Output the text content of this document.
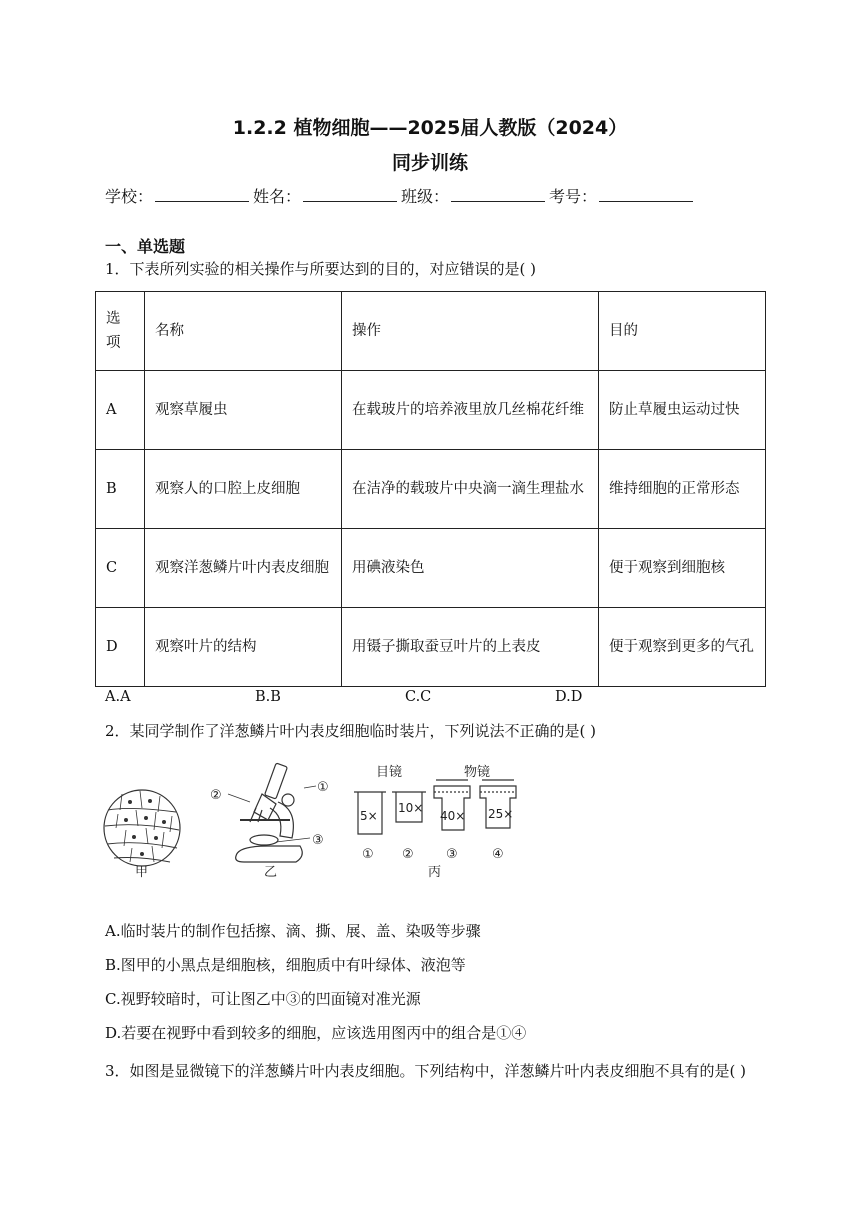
1.2.2 植物细胞——2025届人教版（2024）
同步训练
学校：	姓名：	班级：	考号：
一、单选题
1．下表所列实验的相关操作与所要达到的目的，对应错误的是( )
选
项	名称	操作	目的
A	观察草履虫	在载玻片的培养液里放几丝棉花纤维	防止草履虫运动过快
B	观察人的口腔上皮细胞	在洁净的载玻片中央滴一滴生理盐水	维持细胞的正常形态
C	观察洋葱鳞片叶内表皮细胞	用碘液染色	便于观察到细胞核
D	观察叶片的结构	用镊子撕取蚕豆叶片的上表皮	便于观察到更多的气孔
A.A	B.B	C.C	D.D
2．某同学制作了洋葱鳞片叶内表皮细胞临时装片，下列说法不正确的是( )
甲	乙	丙
目镜	物镜
5×
10×
40× 25×
① ② ③	④
①
②
③
A.临时装片的制作包括擦、滴、撕、展、盖、染吸等步骤
B.图甲的小黑点是细胞核，细胞质中有叶绿体、液泡等
C.视野较暗时，可让图乙中③的凹面镜对准光源
D.若要在视野中看到较多的细胞，应该选用图丙中的组合是①④
3．如图是显微镜下的洋葱鳞片叶内表皮细胞。下列结构中，洋葱鳞片叶内表皮细胞不具有的是( )
